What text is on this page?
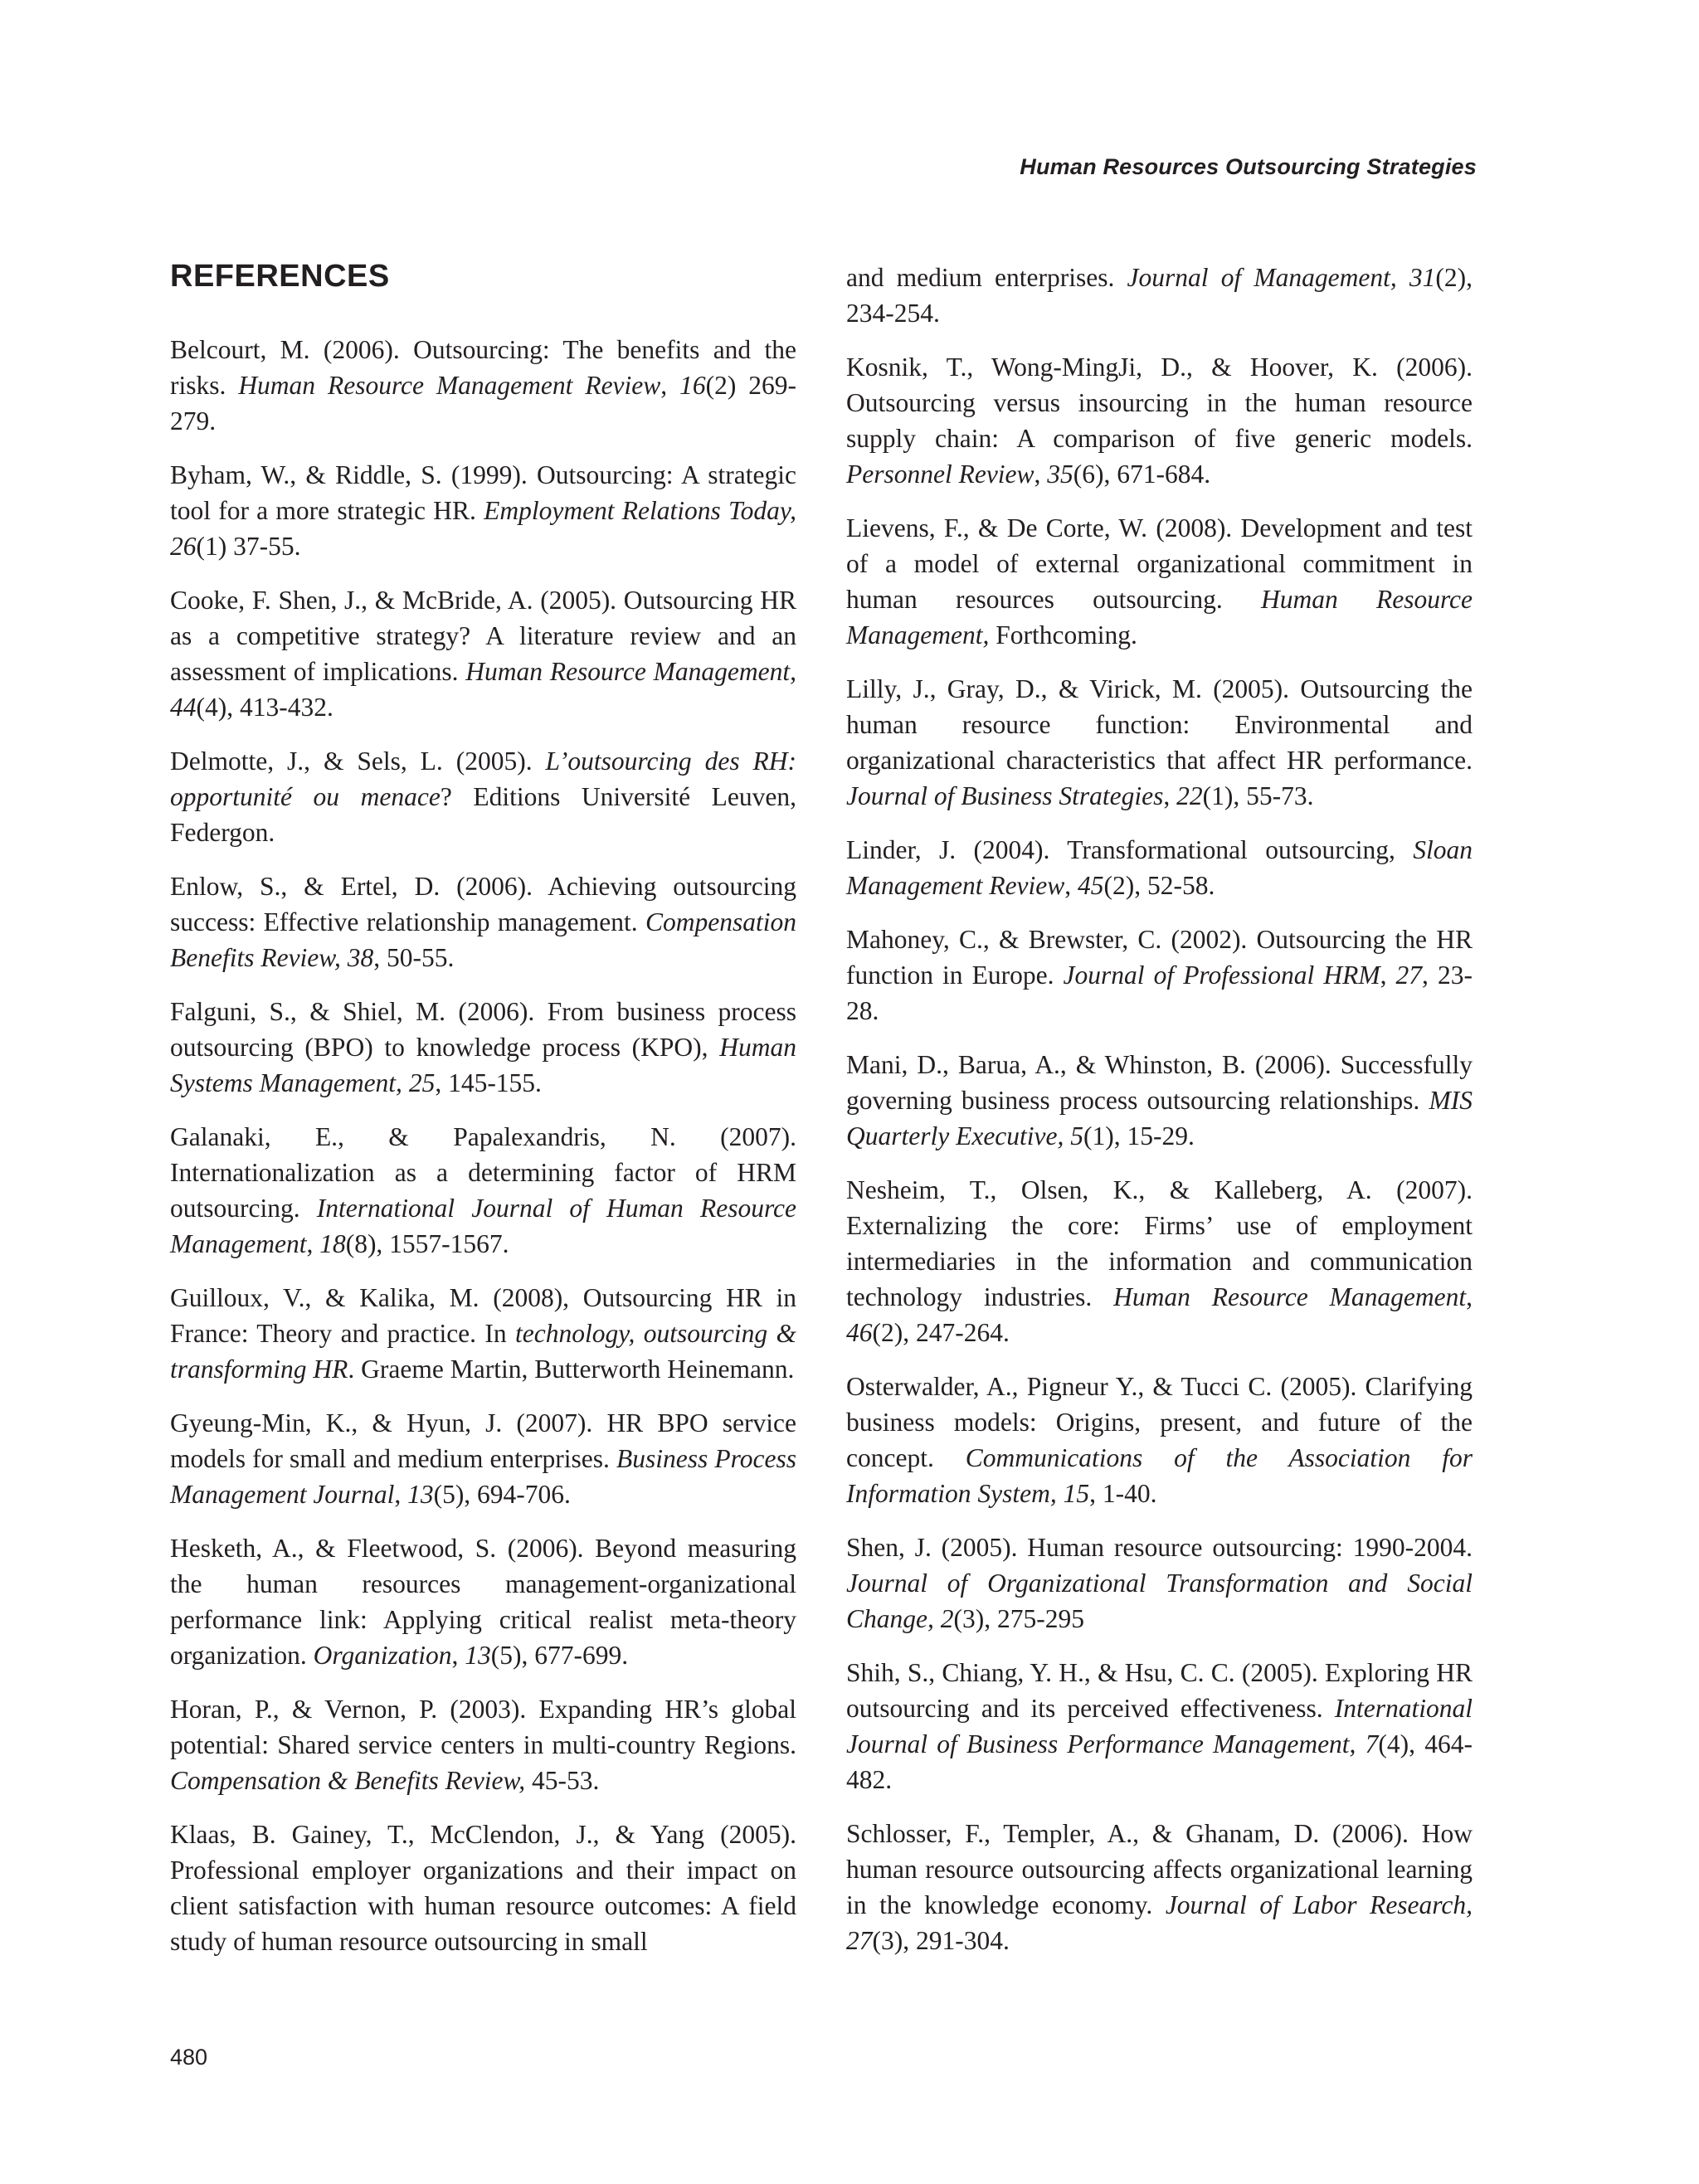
Human Resources Outsourcing Strategies
REFERENCES

Belcourt, M. (2006). Outsourcing: The benefits and the risks. Human Resource Management Review, 16(2) 269-279.

Byham, W., & Riddle, S. (1999). Outsourcing: A strategic tool for a more strategic HR. Employment Relations Today, 26(1) 37-55.

Cooke, F. Shen, J., & McBride, A. (2005). Outsourcing HR as a competitive strategy? A literature review and an assessment of implications. Human Resource Management, 44(4), 413-432.

Delmotte, J., & Sels, L. (2005). L’outsourcing des RH: opportunité ou menace? Editions Université Leuven, Federgon.

Enlow, S., & Ertel, D. (2006). Achieving outsourcing success: Effective relationship management. Compensation Benefits Review, 38, 50-55.

Falguni, S., & Shiel, M. (2006). From business process outsourcing (BPO) to knowledge process (KPO), Human Systems Management, 25, 145-155.

Galanaki, E., & Papalexandris, N. (2007). Internationalization as a determining factor of HRM outsourcing. International Journal of Human Resource Management, 18(8), 1557-1567.

Guilloux, V., & Kalika, M. (2008), Outsourcing HR in France: Theory and practice. In technology, outsourcing & transforming HR. Graeme Martin, Butterworth Heinemann.

Gyeung-Min, K., & Hyun, J. (2007). HR BPO service models for small and medium enterprises. Business Process Management Journal, 13(5), 694-706.

Hesketh, A., & Fleetwood, S. (2006). Beyond measuring the human resources management-organizational performance link: Applying critical realist meta-theory organization. Organization, 13(5), 677-699.

Horan, P., & Vernon, P. (2003). Expanding HR’s global potential: Shared service centers in multi-country Regions. Compensation & Benefits Review, 45-53.

Klaas, B. Gainey, T., McClendon, J., & Yang (2005). Professional employer organizations and their impact on client satisfaction with human resource outcomes: A field study of human resource outsourcing in small

and medium enterprises. Journal of Management, 31(2), 234-254.

Kosnik, T., Wong-MingJi, D., & Hoover, K. (2006). Outsourcing versus insourcing in the human resource supply chain: A comparison of five generic models. Personnel Review, 35(6), 671-684.

Lievens, F., & De Corte, W. (2008). Development and test of a model of external organizational commitment in human resources outsourcing. Human Resource Management, Forthcoming.

Lilly, J., Gray, D., & Virick, M. (2005). Outsourcing the human resource function: Environmental and organizational characteristics that affect HR performance. Journal of Business Strategies, 22(1), 55-73.

Linder, J. (2004). Transformational outsourcing, Sloan Management Review, 45(2), 52-58.

Mahoney, C., & Brewster, C. (2002). Outsourcing the HR function in Europe. Journal of Professional HRM, 27, 23-28.

Mani, D., Barua, A., & Whinston, B. (2006). Successfully governing business process outsourcing relationships. MIS Quarterly Executive, 5(1), 15-29.

Nesheim, T., Olsen, K., & Kalleberg, A. (2007). Externalizing the core: Firms’ use of employment intermediaries in the information and communication technology industries. Human Resource Management, 46(2), 247-264.

Osterwalder, A., Pigneur Y., & Tucci C. (2005). Clarifying business models: Origins, present, and future of the concept. Communications of the Association for Information System, 15, 1-40.

Shen, J. (2005). Human resource outsourcing: 1990-2004. Journal of Organizational Transformation and Social Change, 2(3), 275-295

Shih, S., Chiang, Y. H., & Hsu, C. C. (2005). Exploring HR outsourcing and its perceived effectiveness. International Journal of Business Performance Management, 7(4), 464-482.

Schlosser, F., Templer, A., & Ghanam, D. (2006). How human resource outsourcing affects organizational learning in the knowledge economy. Journal of Labor Research, 27(3), 291-304.

480
